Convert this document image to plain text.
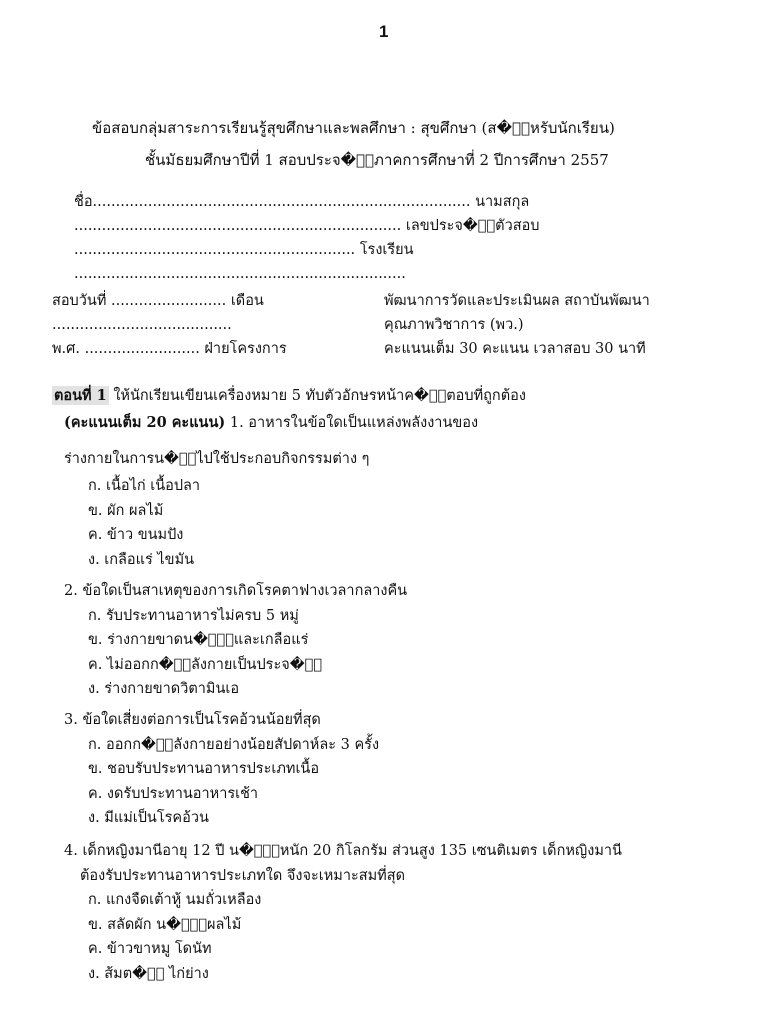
1
ข้อสอบกลุ่มสาระการเรียนรู้สุขศึกษาและพลศึกษา : สุขศึกษา (ส�ำหรับนักเรียน)
ชั้นมัธยมศึกษาปีที่ 1 สอบประจ�ำภาคการศึกษาที่ 2 ปีการศึกษา 2557
ชื่อ.................................................................................. นามสกุล
....................................................................... เลขประจ�ำตัวสอบ
............................................................. โรงเรียน
........................................................................
สอบวันที่ ......................... เดือน
.......................................
พ.ศ. ......................... ฝ่ายโครงการ
พัฒนาการวัดและประเมินผล สถาบันพัฒนา
คุณภาพวิชาการ (พว.)
คะแนนเต็ม 30 คะแนน เวลาสอบ 30 นาที
ตอนที่ 1 ให้นักเรียนเขียนเครื่องหมาย 5 ทับตัวอักษรหน้าค�ำตอบที่ถูกต้อง
(คะแนนเต็ม 20 คะแนน) 1. อาหารในข้อใดเป็นแหล่งพลังงานของ
ร่างกายในการน�ำไปใช้ประกอบกิจกรรมต่าง ๆ
ก. เนื้อไก่ เนื้อปลา
ข. ผัก ผลไม้
ค. ข้าว ขนมปัง
ง. เกลือแร่ ไขมัน
2. ข้อใดเป็นสาเหตุของการเกิดโรคตาฟางเวลากลางคืน
ก. รับประทานอาหารไม่ครบ 5 หมู่
ข. ร่างกายขาดน�้ำและเกลือแร่
ค. ไม่ออกก�ำลังกายเป็นประจ�ำ
ง. ร่างกายขาดวิตามินเอ
3. ข้อใดเสี่ยงต่อการเป็นโรคอ้วนน้อยที่สุด
ก. ออกก�ำลังกายอย่างน้อยสัปดาห์ละ 3 ครั้ง
ข. ชอบรับประทานอาหารประเภทเนื้อ
ค. งดรับประทานอาหารเช้า
ง. มีแม่เป็นโรคอ้วน
4. เด็กหญิงมานีอายุ 12 ปี น�้ำหนัก 20 กิโลกรัม ส่วนสูง 135 เซนติเมตร เด็กหญิงมานี
ต้องรับประทานอาหารประเภทใด จึงจะเหมาะสมที่สุด
ก. แกงจืดเต้าหู้ นมถั่วเหลือง
ข. สลัดผัก น�้ำผลไม้
ค. ข้าวขาหมู โดนัท
ง. ส้มต�ำ ไก่ย่าง
